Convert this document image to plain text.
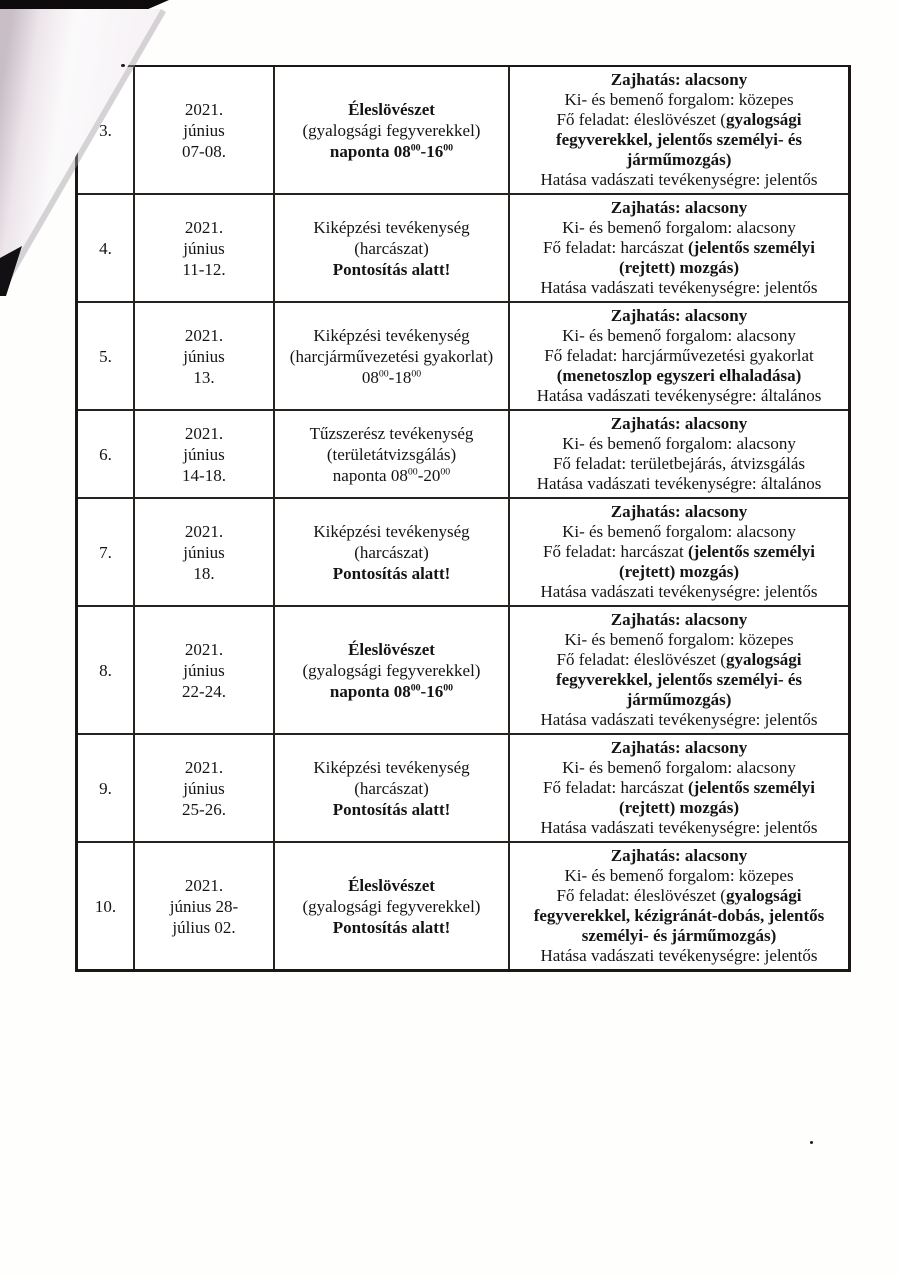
3.
2021.
június
07-08.
Éleslövészet
(gyalogsági fegyverekkel)
naponta $08^{00}-16^{00}$
Zajhatás: alacsony
Ki- és bemenő forgalom: közepes
Fő feladat: éleslövészet (gyalogsági fegyverekkel, jelentős személyi- és járműmozgás)
Hatása vadászati tevékenységre: jelentős
4.
2021.
június
11-12.
Kiképzési tevékenység
(harcászat)
Pontosítás alatt!
Zajhatás: alacsony
Ki- és bemenő forgalom: alacsony
Fő feladat: harcászat (jelentős személyi (rejtett) mozgás)
Hatása vadászati tevékenységre: jelentős
5.
2021.
június
13.
Kiképzési tevékenység
(harcjárművezetési gyakorlat)
$08^{00}-18^{00}$
Zajhatás: alacsony
Ki- és bemenő forgalom: alacsony
Fő feladat: harcjárművezetési gyakorlat
(menetoszlop egyszeri elhaladása)
Hatása vadászati tevékenységre: általános
6.
2021.
június
14-18.
Tűzszerész tevékenység
(területátvizsgálás)
naponta $08^{00}-20^{00}$
Zajhatás: alacsony
Ki- és bemenő forgalom: alacsony
Fő feladat: területbejárás, átvizsgálás
Hatása vadászati tevékenységre: általános
7.
2021.
június
18.
Kiképzési tevékenység
(harcászat)
Pontosítás alatt!
Zajhatás: alacsony
Ki- és bemenő forgalom: alacsony
Fő feladat: harcászat (jelentős személyi (rejtett) mozgás)
Hatása vadászati tevékenységre: jelentős
8.
2021.
június
22-24.
Éleslövészet
(gyalogsági fegyverekkel)
naponta $08^{00}-16^{00}$
Zajhatás: alacsony
Ki- és bemenő forgalom: közepes
Fő feladat: éleslövészet (gyalogsági fegyverekkel, jelentős személyi- és járműmozgás)
Hatása vadászati tevékenységre: jelentős
9.
2021.
június
25-26.
Kiképzési tevékenység
(harcászat)
Pontosítás alatt!
Zajhatás: alacsony
Ki- és bemenő forgalom: alacsony
Fő feladat: harcászat (jelentős személyi (rejtett) mozgás)
Hatása vadászati tevékenységre: jelentős
10.
2021.
június 28-
július 02.
Éleslövészet
(gyalogsági fegyverekkel)
Pontosítás alatt!
Zajhatás: alacsony
Ki- és bemenő forgalom: közepes
Fő feladat: éleslövészet (gyalogsági fegyverekkel, kézigránát-dobás, jelentős személyi- és járműmozgás)
Hatása vadászati tevékenységre: jelentős
